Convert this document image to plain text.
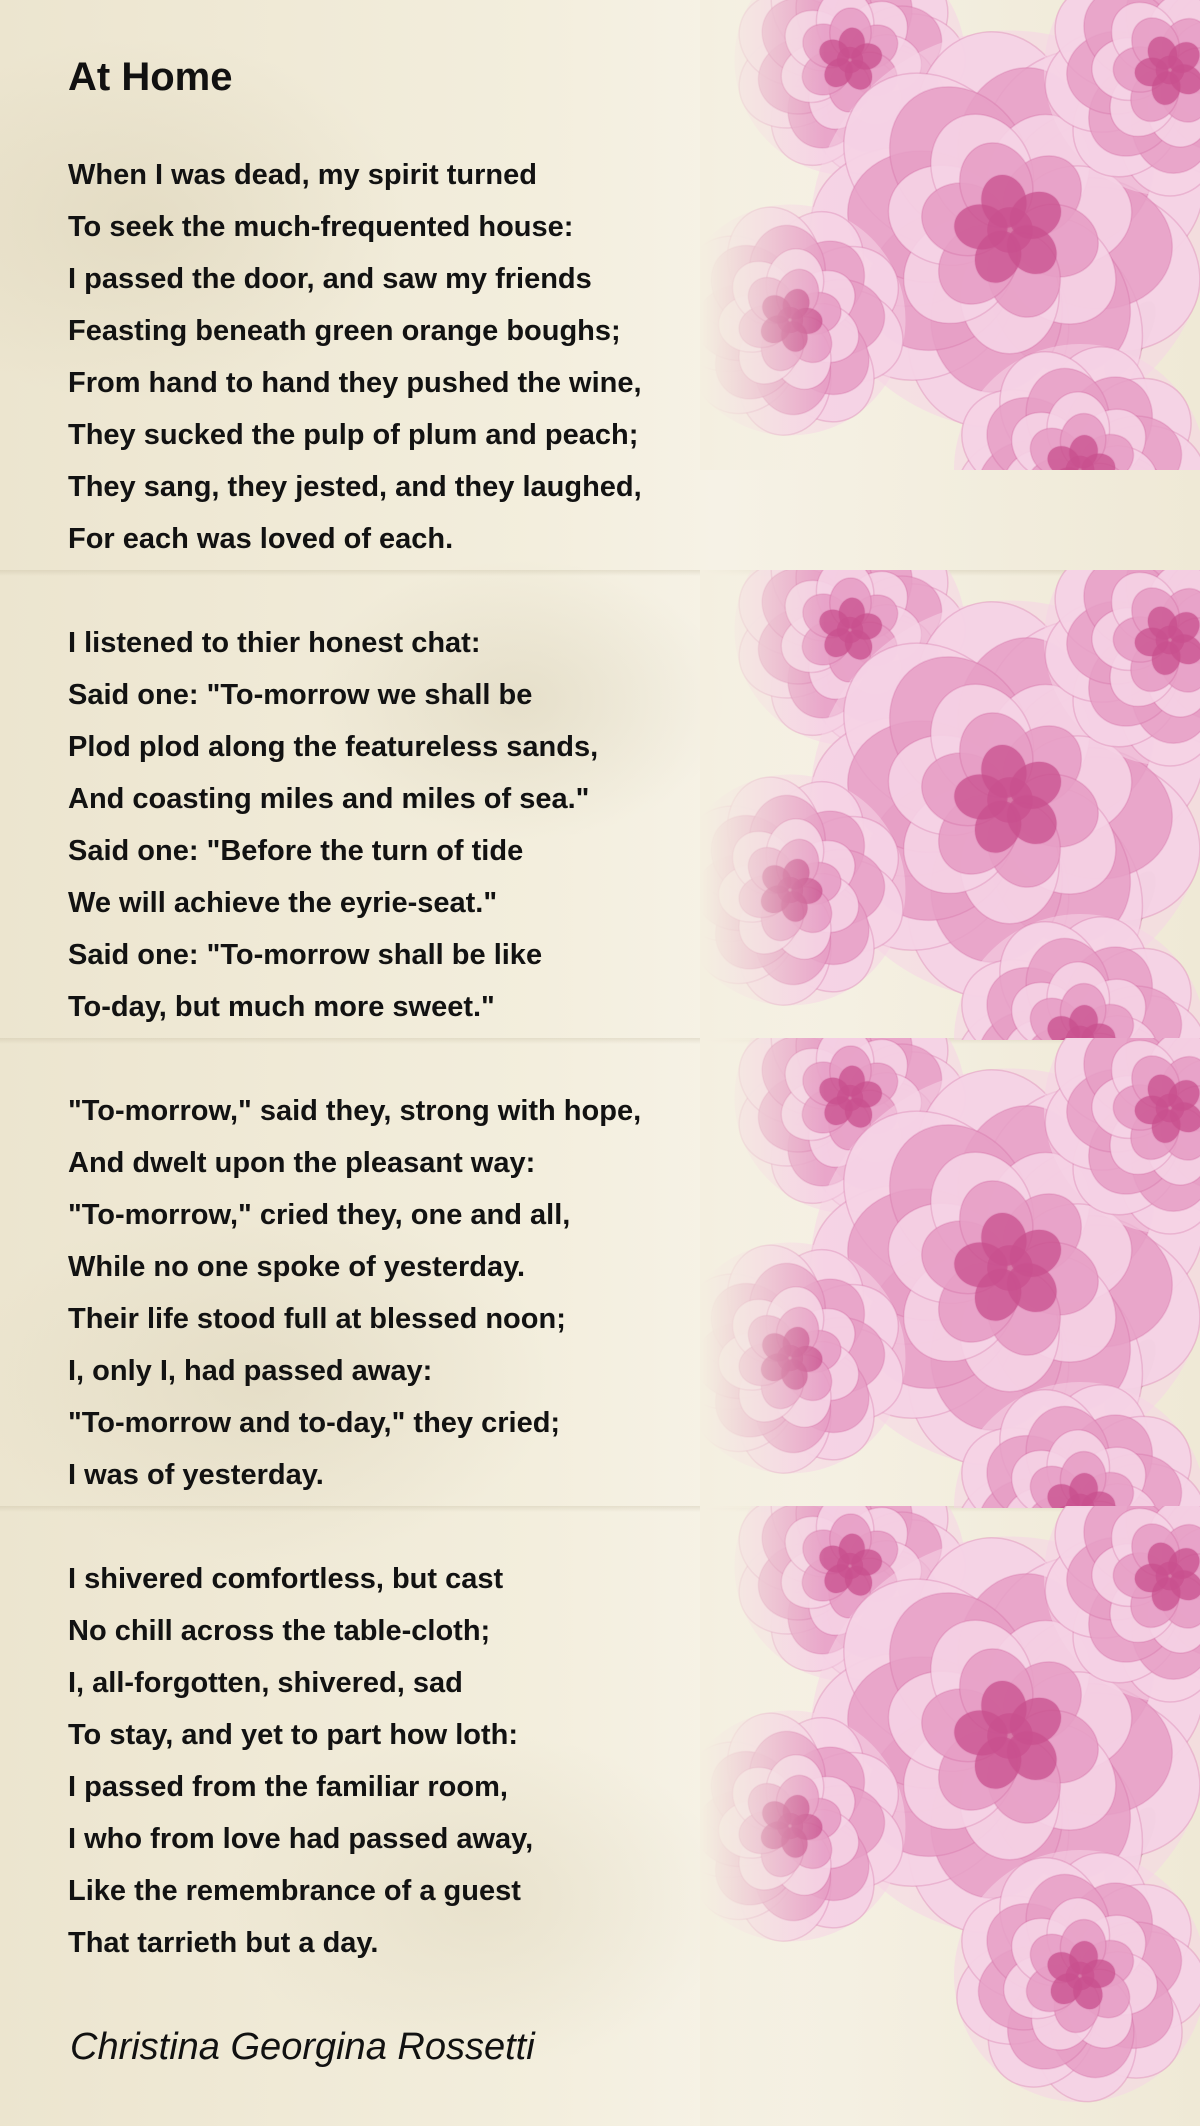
At Home
When I was dead, my spirit turned
To seek the much-frequented house:
I passed the door, and saw my friends
Feasting beneath green orange boughs;
From hand to hand they pushed the wine,
They sucked the pulp of plum and peach;
They sang, they jested, and they laughed,
For each was loved of each.
I listened to thier honest chat:
Said one: "To-morrow we shall be
Plod plod along the featureless sands,
And coasting miles and miles of sea."
Said one: "Before the turn of tide
We will achieve the eyrie-seat."
Said one: "To-morrow shall be like
To-day, but much more sweet."
"To-morrow," said they, strong with hope,
And dwelt upon the pleasant way:
"To-morrow," cried they, one and all,
While no one spoke of yesterday.
Their life stood full at blessed noon;
I, only I, had passed away:
"To-morrow and to-day," they cried;
I was of yesterday.
I shivered comfortless, but cast
No chill across the table-cloth;
I, all-forgotten, shivered, sad
To stay, and yet to part how loth:
I passed from the familiar room,
I who from love had passed away,
Like the remembrance of a guest
That tarrieth but a day.
Christina Georgina Rossetti
